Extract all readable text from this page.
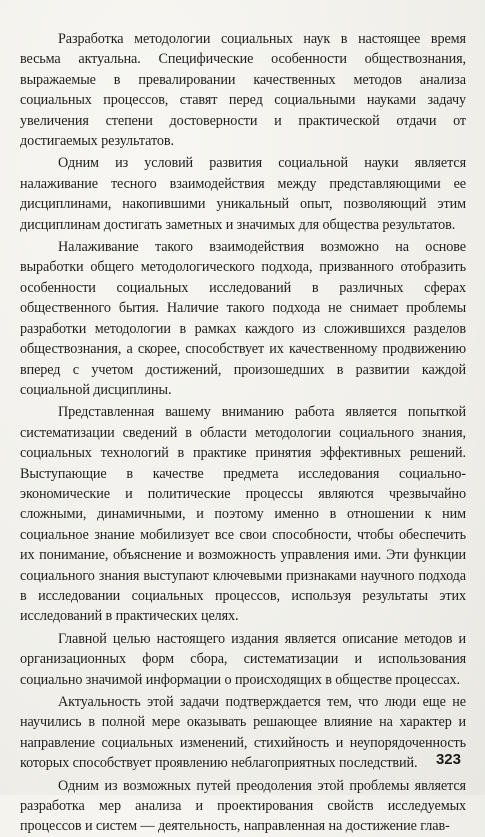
Разработка методологии социальных наук в настоящее время весьма актуальна. Специфические особенности обществознания, выражаемые в превалировании качественных методов анализа социальных процессов, ставят перед социальными науками задачу увеличения степени достоверности и практической отдачи от достигаемых результатов.

Одним из условий развития социальной науки является налаживание тесного взаимодействия между представляющими ее дисциплинами, накопившими уникальный опыт, позволяющий этим дисциплинам достигать заметных и значимых для общества результатов.

Налаживание такого взаимодействия возможно на основе выработки общего методологического подхода, призванного отобразить особенности социальных исследований в различных сферах общественного бытия. Наличие такого подхода не снимает проблемы разработки методологии в рамках каждого из сложившихся разделов обществознания, а скорее, способствует их качественному продвижению вперед с учетом достижений, произошедших в развитии каждой социальной дисциплины.

Представленная вашему вниманию работа является попыткой систематизации сведений в области методологии социального знания, социальных технологий в практике принятия эффективных решений. Выступающие в качестве предмета исследования социально-экономические и политические процессы являются чрезвычайно сложными, динамичными, и поэтому именно в отношении к ним социальное знание мобилизует все свои способности, чтобы обеспечить их понимание, объяснение и возможность управления ими. Эти функции социального знания выступают ключевыми признаками научного подхода в исследовании социальных процессов, используя результаты этих исследований в практических целях.

Главной целью настоящего издания является описание методов и организационных форм сбора, систематизации и использования социально значимой информации о происходящих в обществе процессах.

Актуальность этой задачи подтверждается тем, что люди еще не научились в полной мере оказывать решающее влияние на характер и направление социальных изменений, стихийность и неупорядоченность которых способствует проявлению неблагоприятных последствий.

Одним из возможных путей преодоления этой проблемы является разработка мер анализа и проектирования свойств исследуемых процессов и систем — деятельность, направленная на достижение глав-

323
